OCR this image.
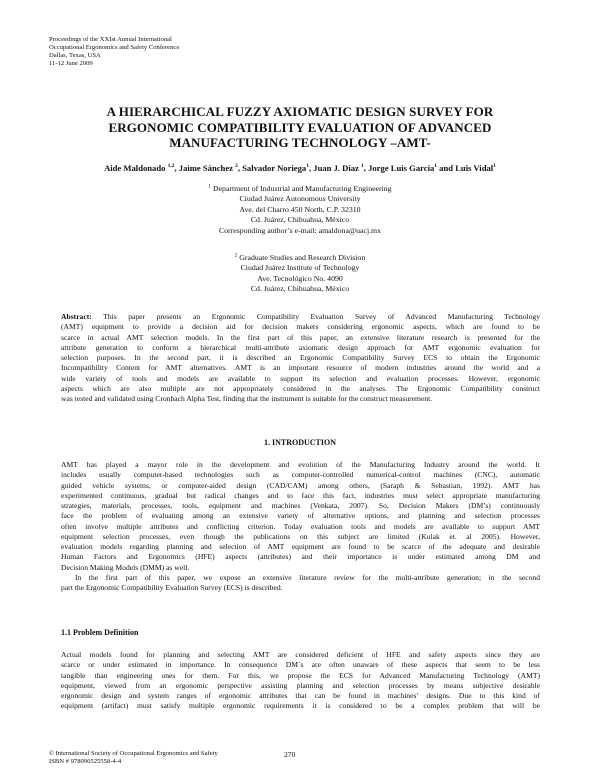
Proceedings of the XXIst Annual International
Occupational Ergonomics and Safety Conference
Dallas, Texas, USA
11-12 June 2009
A HIERARCHICAL FUZZY AXIOMATIC DESIGN SURVEY FOR
ERGONOMIC COMPATIBILITY EVALUATION OF ADVANCED
MANUFACTURING TECHNOLOGY –AMT-
Aide Maldonado $^{1,2}$, Jaime Sánchez $^2$, Salvador Noriega$^1$, Juan J. Díaz $^1$, Jorge Luis García$^1$ and Luis Vidal$^1$
$^1$ Department of Industrial and Manufacturing Engineering
Ciudad Juárez Autonomous University
Ave. del Charro 450 North, C.P. 32310
Cd. Juárez, Chihuahua, México
Corresponding author’s e-mail: amaldona@uacj.mx
$^2$ Graduate Studies and Research Division
Ciudad Juárez Institute of Technology
Ave. Tecnológico No. 4090
Cd. Juárez, Chihuahua, México
Abstract: This paper presents an Ergonomic Compatibility Evaluation Survey of Advanced Manufacturing Technology
(AMT) equipment to provide a decision aid for decision makers considering ergonomic aspects, which are found to be
scarce in actual AMT selection models. In the first part of this paper, an extensive literature research is presented for the
attribute generation to conform a hierarchical multi-attribute axiomatic design approach for AMT ergonomic evaluation for
selection purposes. In the second part, it is described an Ergonomic Compatibility Survey ECS to obtain the Ergonomic
Incompatibility Content for AMT alternatives. AMT is an important resource of modern industries around the world and a
wide variety of tools and models are available to support its selection and evaluation processes. However, ergonomic
aspects which are also multiple are not appropriately considered in the analyses. The Ergonomic Compatibility construct
was tested and validated using Cronbach Alpha Test, finding that the instrument is suitable for the construct measurement.
1. INTRODUCTION
AMT has played a mayor role in the development and evolution of the Manufacturing Industry around the world. It
includes usually computer-based technologies such as computer-controlled numerical-control machines (CNC), automatic
guided vehicle systems, or computer-aided design (CAD/CAM) among others, (Saraph & Sebastian, 1992). AMT has
experimented continuous, gradual but radical changes and to face this fact, industries must select appropriate manufacturing
strategies, materials, processes, tools, equipment and machines (Venkata, 2007). So, Decision Makers (DM’s) continuously
face the problem of evaluating among an extensive variety of alternative options, and planning and selection processes
often involve multiple attributes and conflicting criterion. Today evaluation tools and models are available to support AMT
equipment selection processes, even though the publications on this subject are limited (Kulak et. al 2005). However,
evaluation models regarding planning and selection of AMT equipment are found to be scarce of the adequate and desirable
Human Factors and Ergonomics (HFE) aspects (attributes) and their importance is under estimated among DM and
Decision Making Models (DMM) as well.
In the first part of this paper, we expose an extensive literature review for the multi-attribute generation; in the second
part the Ergonomic Compatibility Evaluation Survey (ECS) is described.
1.1 Problem Definition
Actual models found for planning and selecting AMT are considered deficient of HFE and safety aspects since they are
scarce or under estimated in importance. In consequence DM´s are often unaware of these aspects that seem to be less
tangible than engineering ones for them. For this, we propose the ECS for Advanced Manufacturing Technology (AMT)
equipment, viewed from an ergonomic perspective assisting planning and selection processes by means subjective desirable
ergonomic design and system ranges of ergonomic attributes that can be found in machines’ designs. Due to this kind of
equipment (artifact) must satisfy multiple ergonomic requirements it is considered to be a complex problem that will be
© International Society of Occupational Ergonomics and Safety
ISBN # 978096525558-4-4
270
